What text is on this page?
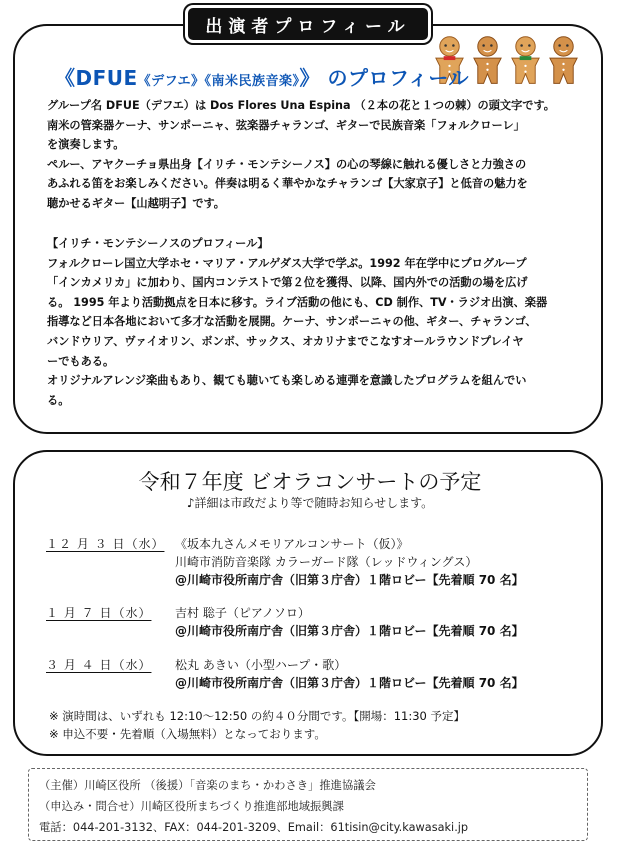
出演者プロフィール
《DFUE《デフエ》《南米民族音楽》》 のプロフィール

グループ名 DFUE（デフエ）は Dos Flores Una Espina （２本の花と１つの棘）の頭文字です。

南米の管楽器ケーナ、サンポーニャ、弦楽器チャランゴ、ギターで民族音楽「フォルクローレ」

を演奏します。

ペルー、アヤクーチョ県出身【イリチ・モンテシーノス】の心の琴線に触れる優しさと力強さの

あふれる笛をお楽しみください。伴奏は明るく華やかなチャランゴ【大家京子】と低音の魅力を

聴かせるギター【山越明子】です。

【イリチ・モンテシーノスのプロフィール】

フォルクローレ国立大学ホセ・マリア・アルゲダス大学で学ぶ。1992 年在学中にプログループ

「インカメリカ」に加わり、国内コンテストで第２位を獲得、以降、国内外での活動の場を広げ

る。 1995 年より活動拠点を日本に移す。ライブ活動の他にも、CD 制作、TV・ラジオ出演、楽器

指導など日本各地において多才な活動を展開。ケーナ、サンポーニャの他、ギター、チャランゴ、

バンドウリア、ヴァイオリン、ボンボ、サックス、オカリナまでこなすオールラウンドプレイヤ

ーでもある。

オリジナルアレンジ楽曲もあり、観ても聴いても楽しめる連弾を意識したプログラムを組んでい

る。

令和７年度 ビオラコンサートの予定
♪詳細は市政だより等で随時お知らせします。
１２ 月 ３ 日（水） 《坂本九さんメモリアルコンサート（仮）》
川崎市消防音楽隊 カラーガード隊（レッドウィングス）
@川崎市役所南庁舎（旧第３庁舎）１階ロビー【先着順 70 名】
１ 月 ７ 日（水） 吉村 聡子（ピアノソロ）
@川崎市役所南庁舎（旧第３庁舎）１階ロビー【先着順 70 名】
３ 月 ４ 日（水） 松丸 あきい（小型ハープ・歌）
@川崎市役所南庁舎（旧第３庁舎）１階ロビー【先着順 70 名】
※ 演時間は、いずれも 12:10～12:50 の約４０分間です。【開場：11:30 予定】
※ 申込不要・先着順（入場無料）となっております。
（主催）川崎区役所 （後援）「音楽のまち・かわさき」推進協議会
（申込み・問合せ）川崎区役所まちづくり推進部地域振興課
電話：044-201-3132、FAX：044-201-3209、Email：61tisin@city.kawasaki.jp
